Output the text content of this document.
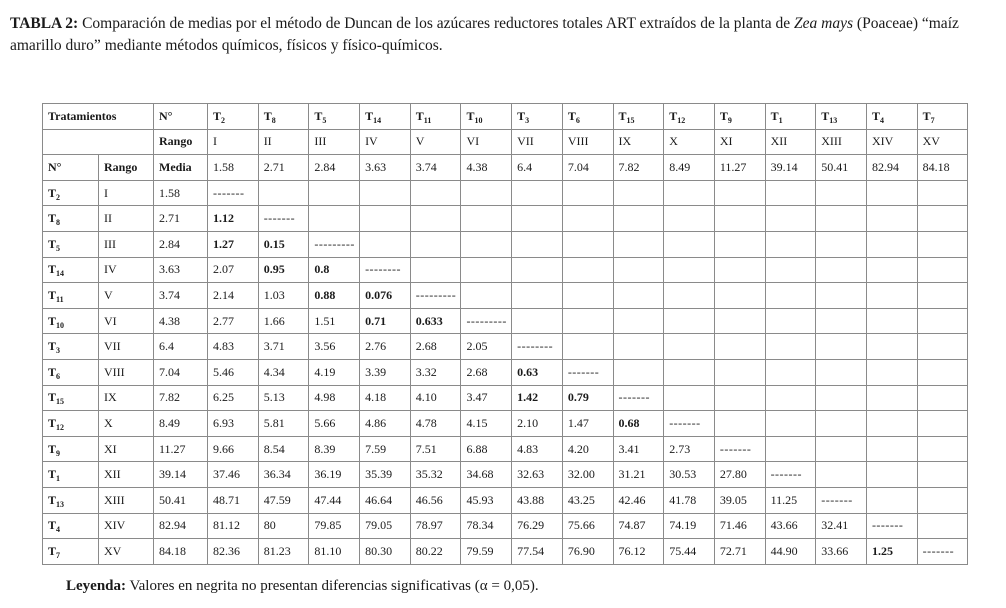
TABLA 2: Comparación de medias por el método de Duncan de los azúcares reductores totales ART extraídos de la planta de Zea mays (Poaceae) “maíz amarillo duro” mediante métodos químicos, físicos y físico-químicos.
Tratamientos		N°	$T_2$	$T_8$	$T_5$	$T_{14}$	$T_{11}$	$T_{10}$	$T_3$	$T_6$	$T_{15}$	$T_{12}$	$T_9$	$T_1$	$T_{13}$	$T_4$	$T_7$
		Rango	I	II	III	IV	V	VI	VII	VIII	IX	X	XI	XII	XIII	XIV	XV
N°	Rango	Media	1.58	2.71	2.84	3.63	3.74	4.38	6.4	7.04	7.82	8.49	11.27	39.14	50.41	82.94	84.18
$T_2$	I	1.58	-------														
$T_8$	II	2.71	1.12	-------													
$T_5$	III	2.84	1.27	0.15	---------												
$T_{14}$	IV	3.63	2.07	0.95	0.8	--------											
$T_{11}$	V	3.74	2.14	1.03	0.88	0.076	---------										
$T_{10}$	VI	4.38	2.77	1.66	1.51	0.71	0.633	---------									
$T_3$	VII	6.4	4.83	3.71	3.56	2.76	2.68	2.05	--------								
$T_6$	VIII	7.04	5.46	4.34	4.19	3.39	3.32	2.68	0.63	-------							
$T_{15}$	IX	7.82	6.25	5.13	4.98	4.18	4.10	3.47	1.42	0.79	-------						
$T_{12}$	X	8.49	6.93	5.81	5.66	4.86	4.78	4.15	2.10	1.47	0.68	-------					
$T_9$	XI	11.27	9.66	8.54	8.39	7.59	7.51	6.88	4.83	4.20	3.41	2.73	-------				
$T_1$	XII	39.14	37.46	36.34	36.19	35.39	35.32	34.68	32.63	32.00	31.21	30.53	27.80	-------			
$T_{13}$	XIII	50.41	48.71	47.59	47.44	46.64	46.56	45.93	43.88	43.25	42.46	41.78	39.05	11.25	-------		
$T_4$	XIV	82.94	81.12	80	79.85	79.05	78.97	78.34	76.29	75.66	74.87	74.19	71.46	43.66	32.41	-------	
$T_7$	XV	84.18	82.36	81.23	81.10	80.30	80.22	79.59	77.54	76.90	76.12	75.44	72.71	44.90	33.66	1.25	-------
Leyenda: Valores en negrita no presentan diferencias significativas (α = 0,05).
